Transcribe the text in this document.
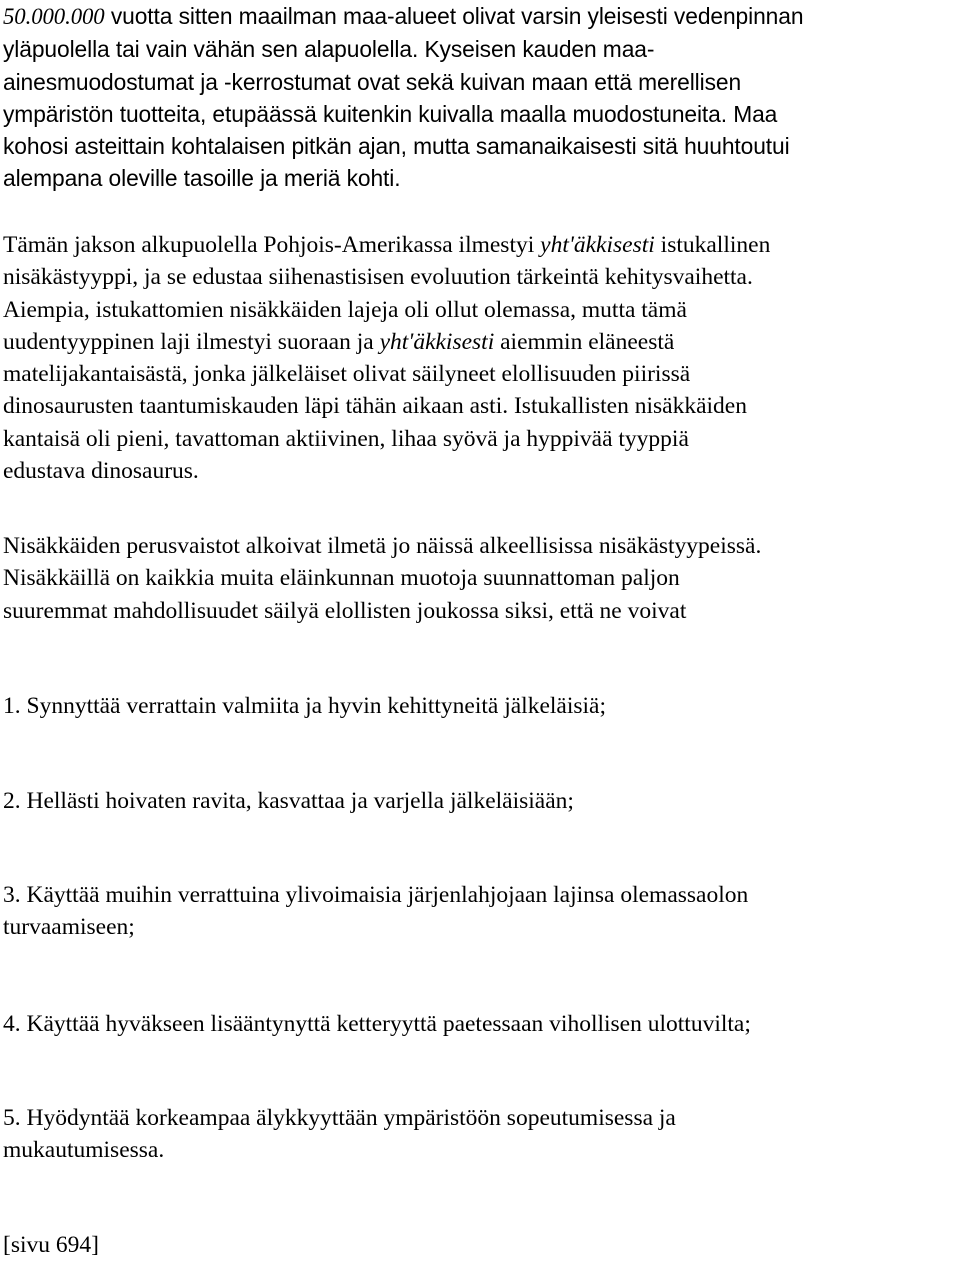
50.000.000 vuotta sitten maailman maa-alueet olivat varsin yleisesti vedenpinnan
yläpuolella tai vain vähän sen alapuolella. Kyseisen kauden maa-
ainesmuodostumat ja -kerrostumat ovat sekä kuivan maan että merellisen
ympäristön tuotteita, etupäässä kuitenkin kuivalla maalla muodostuneita. Maa
kohosi asteittain kohtalaisen pitkän ajan, mutta samanaikaisesti sitä huuhtoutui
alempana oleville tasoille ja meriä kohti.

Tämän jakson alkupuolella Pohjois-Amerikassa ilmestyi yht'äkkisesti istukallinen
nisäkästyyppi, ja se edustaa siihenastisisen evoluution tärkeintä kehitysvaihetta.
Aiempia, istukattomien nisäkkäiden lajeja oli ollut olemassa, mutta tämä
uudentyyppinen laji ilmestyi suoraan ja yht'äkkisesti aiemmin eläneestä
matelijakantaisästä, jonka jälkeläiset olivat säilyneet elollisuuden piirissä
dinosaurusten taantumiskauden läpi tähän aikaan asti. Istukallisten nisäkkäiden
kantaisä oli pieni, tavattoman aktiivinen, lihaa syövä ja hyppivää tyyppiä
edustava dinosaurus.

Nisäkkäiden perusvaistot alkoivat ilmetä jo näissä alkeellisissa nisäkästyypeissä.
Nisäkkäillä on kaikkia muita eläinkunnan muotoja suunnattoman paljon
suuremmat mahdollisuudet säilyä elollisten joukossa siksi, että ne voivat

1. Synnyttää verrattain valmiita ja hyvin kehittyneitä jälkeläisiä;

2. Hellästi hoivaten ravita, kasvattaa ja varjella jälkeläisiään;

3. Käyttää muihin verrattuina ylivoimaisia järjenlahjojaan lajinsa olemassaolon
turvaamiseen;

4. Käyttää hyväkseen lisääntynyttä ketteryyttä paetessaan vihollisen ulottuvilta;

5. Hyödyntää korkeampaa älykkyyttään ympäristöön sopeutumisessa ja
mukautumisessa.

[sivu 694]
